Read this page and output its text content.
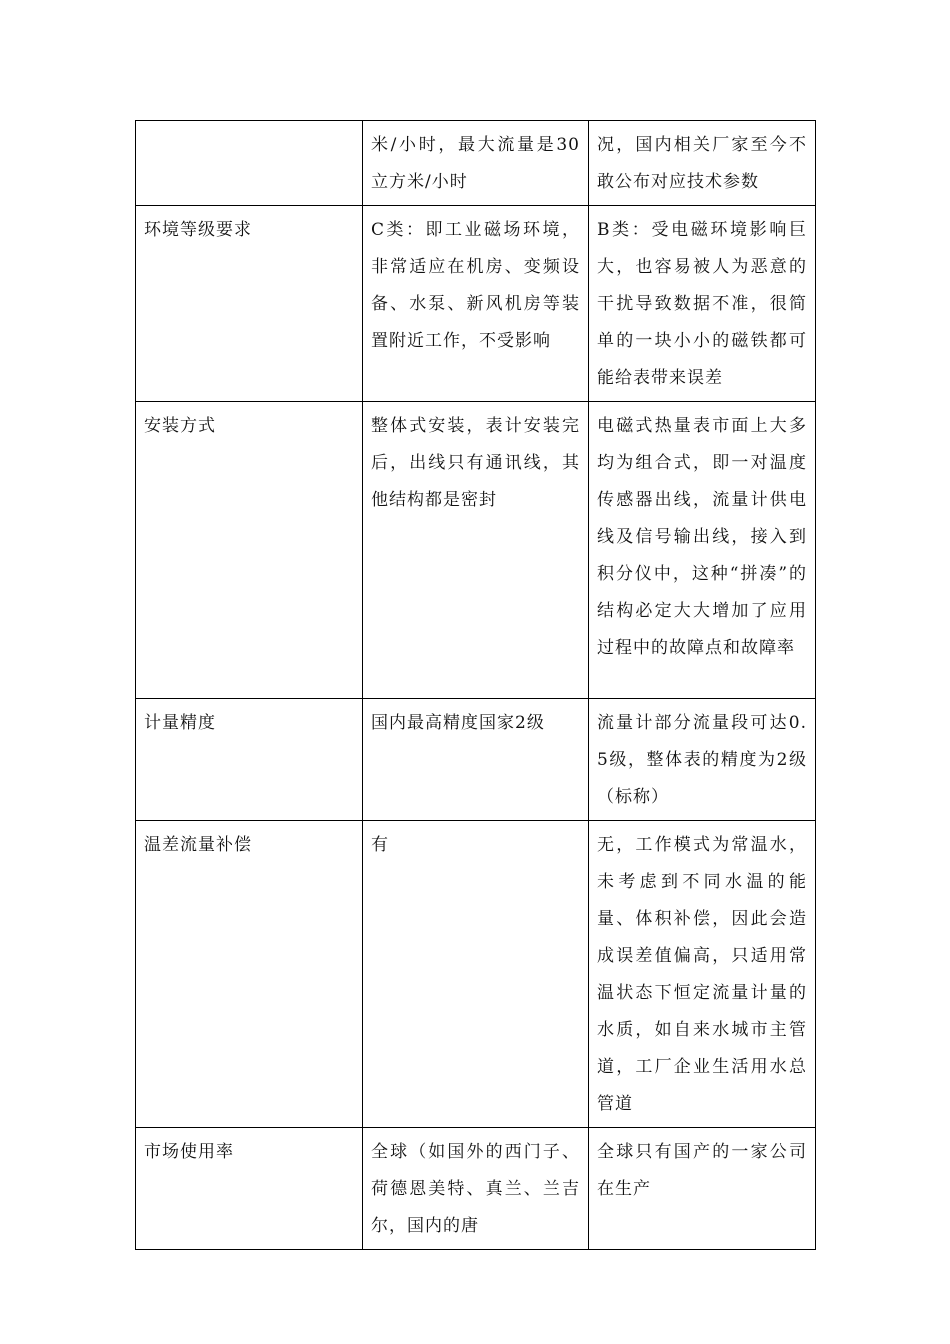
	米/小时，最大流量是30立方米/小时	况，国内相关厂家至今不敢公布对应技术参数
环境等级要求	C类：即工业磁场环境，非常适应在机房、变频设备、水泵、新风机房等装置附近工作，不受影响	B类：受电磁环境影响巨大，也容易被人为恶意的干扰导致数据不准，很简单的一块小小的磁铁都可能给表带来误差
安装方式	整体式安装，表计安装完后，出线只有通讯线，其他结构都是密封	电磁式热量表市面上大多均为组合式，即一对温度传感器出线，流量计供电线及信号输出线，接入到积分仪中，这种“拼凑”的结构必定大大增加了应用过程中的故障点和故障率
计量精度	国内最高精度国家2级	流量计部分流量段可达0.5级，整体表的精度为2级（标称）
温差流量补偿	有	无，工作模式为常温水，未考虑到不同水温的能量、体积补偿，因此会造成误差值偏高，只适用常温状态下恒定流量计量的水质，如自来水城市主管道，工厂企业生活用水总管道
市场使用率	全球（如国外的西门子、荷德恩美特、真兰、兰吉尔，国内的唐	全球只有国产的一家公司在生产
